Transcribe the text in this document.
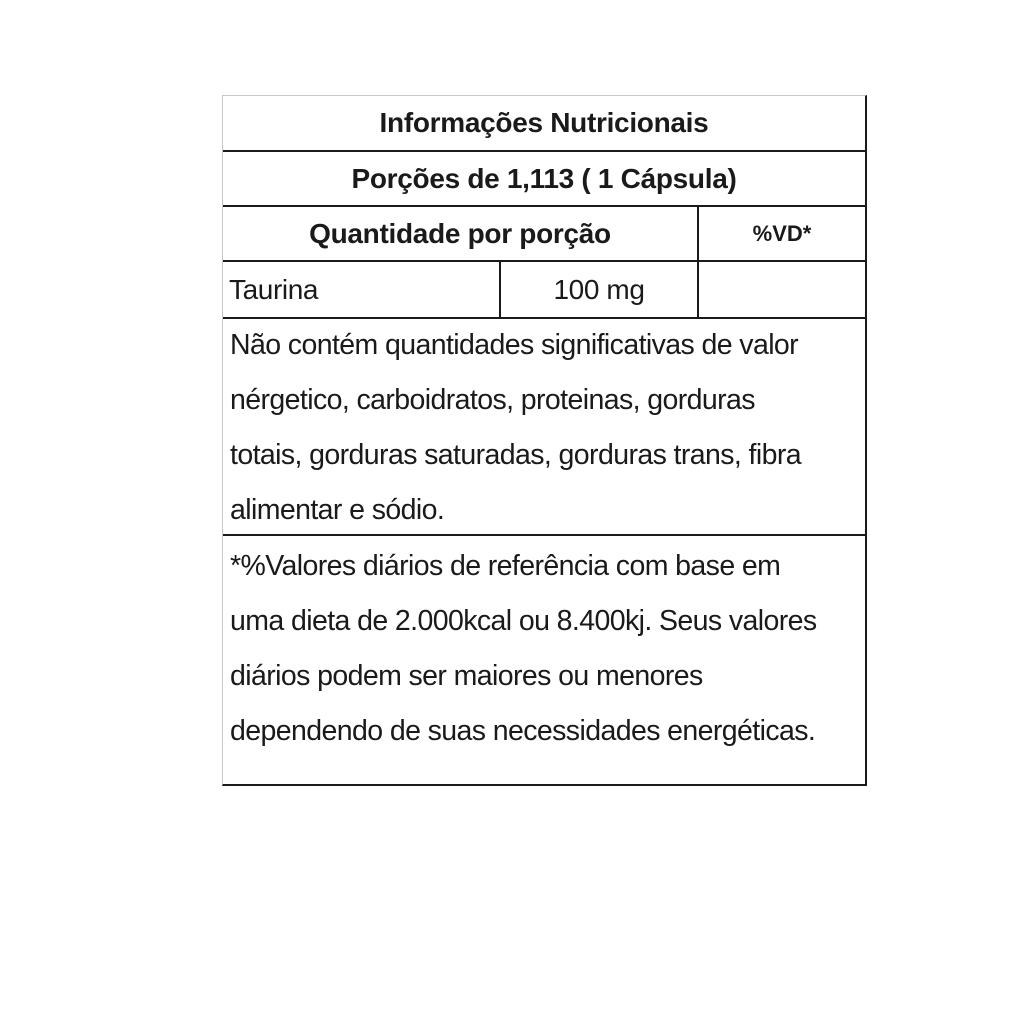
Informações Nutricionais
Porções de 1,113 ( 1 Cápsula)
Quantidade por porção	%VD*
Taurina	100 mg
Não contém quantidades significativas de valor
nérgetico, carboidratos, proteinas, gorduras
totais, gorduras saturadas, gorduras trans, fibra
alimentar e sódio.
*%Valores diários de referência com base em
uma dieta de 2.000kcal ou 8.400kj. Seus valores
diários podem ser maiores ou menores
dependendo de suas necessidades energéticas.
